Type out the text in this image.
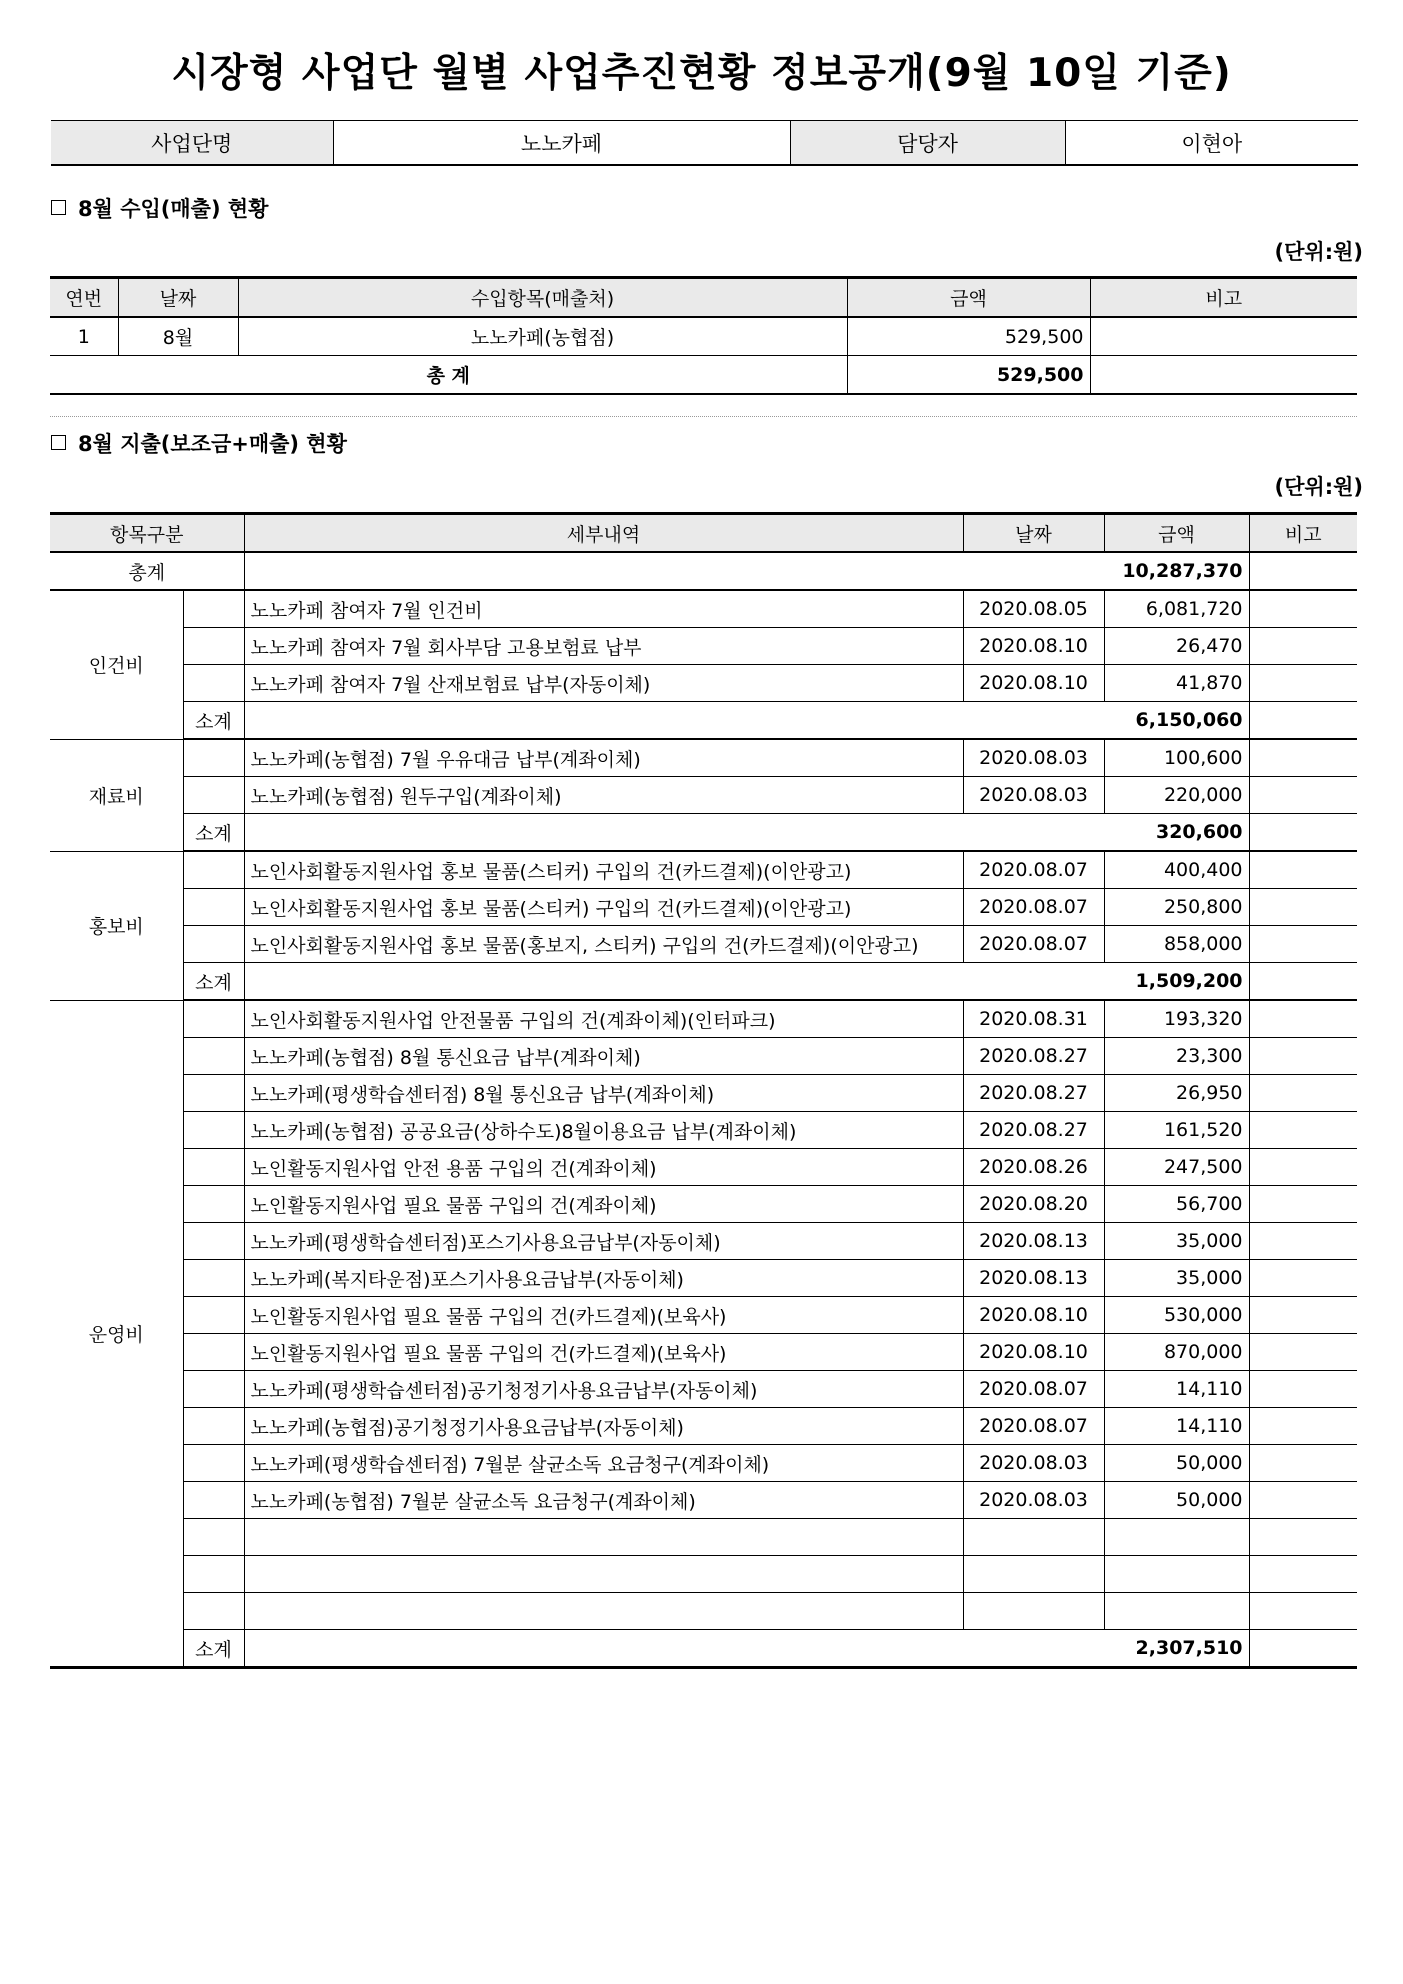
시장형 사업단 월별 사업추진현황 정보공개(9월 10일 기준)
사업단명	노노카페	담당자	이현아
8월 수입(매출) 현황
(단위:원)
연번	날짜	수입항목(매출처)	금액	비고
1	8월	노노카페(농협점)	529,500	
총 계			529,500	
8월 지출(보조금+매출) 현황
(단위:원)
항목구분		세부내역	날짜	금액	비고
총계		10,287,370			
인건비		노노카페 참여자 7월 인건비	2020.08.05	6,081,720	
		노노카페 참여자 7월 회사부담 고용보험료 납부	2020.08.10	26,470	
		노노카페 참여자 7월 산재보험료 납부(자동이체)	2020.08.10	41,870	
	소계	6,150,060			
재료비		노노카페(농협점) 7월 우유대금 납부(계좌이체)	2020.08.03	100,600	
		노노카페(농협점) 원두구입(계좌이체)	2020.08.03	220,000	
	소계	320,600			
홍보비		노인사회활동지원사업 홍보 물품(스티커) 구입의 건(카드결제)(이안광고)	2020.08.07	400,400	
		노인사회활동지원사업 홍보 물품(스티커) 구입의 건(카드결제)(이안광고)	2020.08.07	250,800	
		노인사회활동지원사업 홍보 물품(홍보지, 스티커) 구입의 건(카드결제)(이안광고)	2020.08.07	858,000	
	소계	1,509,200			
운영비		노인사회활동지원사업 안전물품 구입의 건(계좌이체)(인터파크)	2020.08.31	193,320	
		노노카페(농협점) 8월 통신요금 납부(계좌이체)	2020.08.27	23,300	
		노노카페(평생학습센터점) 8월 통신요금 납부(계좌이체)	2020.08.27	26,950	
		노노카페(농협점) 공공요금(상하수도)8월이용요금 납부(계좌이체)	2020.08.27	161,520	
		노인활동지원사업 안전 용품 구입의 건(계좌이체)	2020.08.26	247,500	
		노인활동지원사업 필요 물품 구입의 건(계좌이체)	2020.08.20	56,700	
		노노카페(평생학습센터점)포스기사용요금납부(자동이체)	2020.08.13	35,000	
		노노카페(복지타운점)포스기사용요금납부(자동이체)	2020.08.13	35,000	
		노인활동지원사업 필요 물품 구입의 건(카드결제)(보육사)	2020.08.10	530,000	
		노인활동지원사업 필요 물품 구입의 건(카드결제)(보육사)	2020.08.10	870,000	
		노노카페(평생학습센터점)공기청정기사용요금납부(자동이체)	2020.08.07	14,110	
		노노카페(농협점)공기청정기사용요금납부(자동이체)	2020.08.07	14,110	
		노노카페(평생학습센터점) 7월분 살균소독 요금청구(계좌이체)	2020.08.03	50,000	
		노노카페(농협점) 7월분 살균소독 요금청구(계좌이체)	2020.08.03	50,000	

	소계	2,307,510			
